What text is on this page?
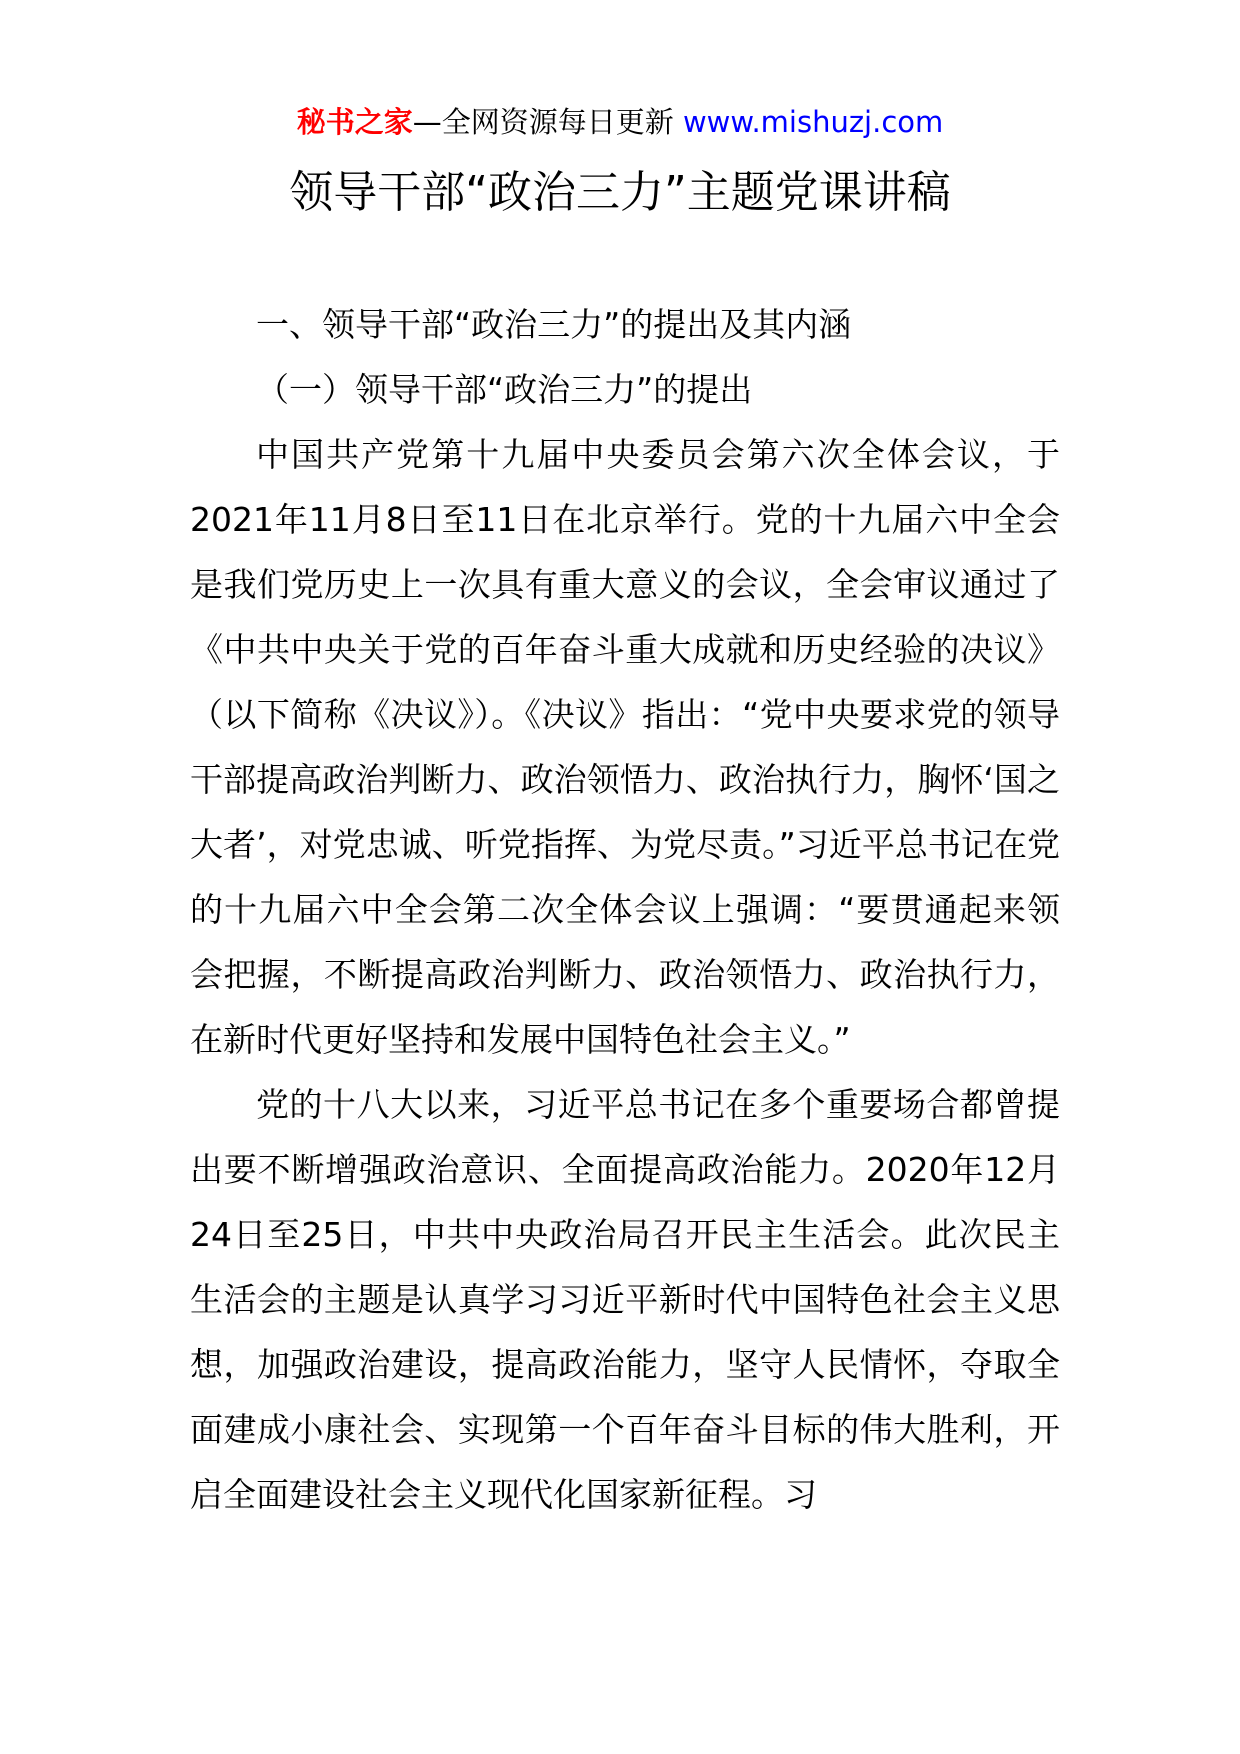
秘书之家—全网资源每日更新 www.mishuzj.com
领导干部“政治三力”主题党课讲稿

一、领导干部“政治三力”的提出及其内涵

（一）领导干部“政治三力”的提出

中国共产党第十九届中央委员会第六次全体会议，于2021年11月8日至11日在北京举行。党的十九届六中全会是我们党历史上一次具有重大意义的会议，全会审议通过了《中共中央关于党的百年奋斗重大成就和历史经验的决议》（以下简称《决议》）。《决议》指出：“党中央要求党的领导干部提高政治判断力、政治领悟力、政治执行力，胸怀‘国之大者’，对党忠诚、听党指挥、为党尽责。”习近平总书记在党的十九届六中全会第二次全体会议上强调：“要贯通起来领会把握，不断提高政治判断力、政治领悟力、政治执行力，在新时代更好坚持和发展中国特色社会主义。”

党的十八大以来，习近平总书记在多个重要场合都曾提出要不断增强政治意识、全面提高政治能力。2020年12月24日至25日，中共中央政治局召开民主生活会。此次民主生活会的主题是认真学习习近平新时代中国特色社会主义思想，加强政治建设，提高政治能力，坚守人民情怀，夺取全面建成小康社会、实现第一个百年奋斗目标的伟大胜利，开启全面建设社会主义现代化国家新征程。习
